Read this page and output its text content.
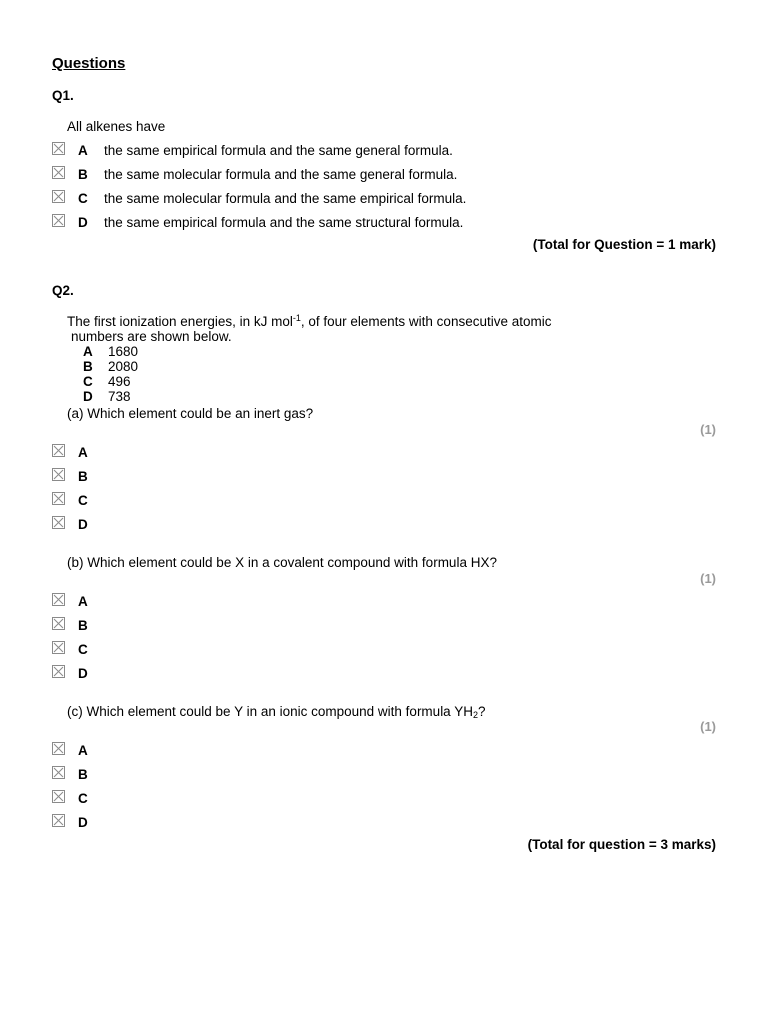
Questions
Q1.
All alkenes have
A the same empirical formula and the same general formula.
B the same molecular formula and the same general formula.
C the same molecular formula and the same empirical formula.
D the same empirical formula and the same structural formula.
(Total for Question = 1 mark)
Q2.
The first ionization energies, in kJ mol$^{-1}$, of four elements with consecutive atomic
numbers are shown below.
A 1680
B 2080
C 496
D 738
(a) Which element could be an inert gas?
(1)
A
B
C
D
(b) Which element could be X in a covalent compound with formula HX?
(1)
A
B
C
D
(c) Which element could be Y in an ionic compound with formula $YH_2$?
(1)
A
B
C
D
(Total for question = 3 marks)
